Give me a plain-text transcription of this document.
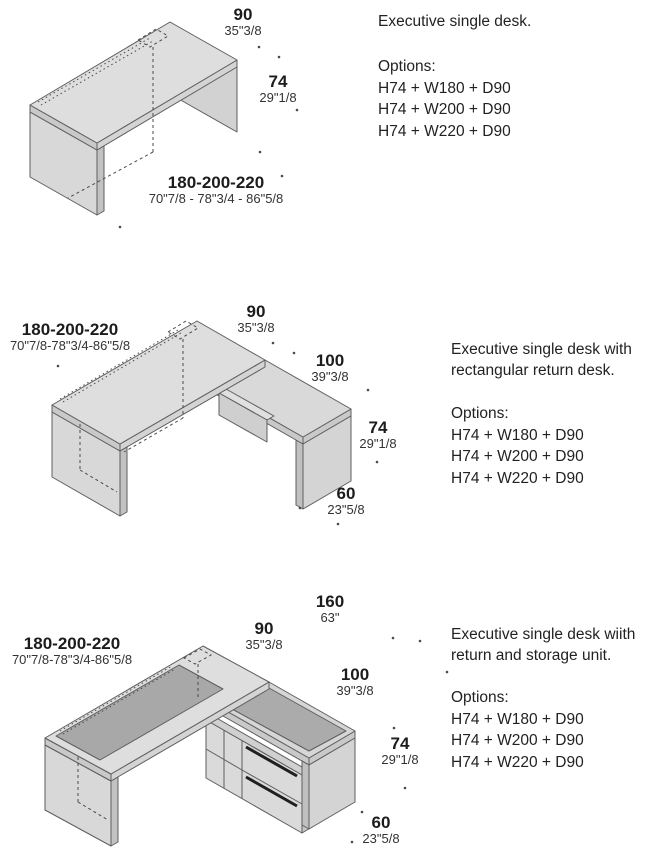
90
35"3/8
74
29"1/8
180-200-220
70"7/8 - 78"3/4 - 86"5/8
Executive single desk.
Options:
H74 + W180 + D90
H74 + W200 + D90
H74 + W220 + D90
180-200-220
70"7/8-78"3/4-86"5/8
90
35"3/8
100
39"3/8
74
29"1/8
60
23"5/8
Executive single desk with
rectangular return desk.
Options:
H74 + W180 + D90
H74 + W200 + D90
H74 + W220 + D90
160
63"
90
35"3/8
180-200-220
70"7/8-78"3/4-86"5/8
100
39"3/8
74
29"1/8
60
23"5/8
Executive single desk wiith
return and storage unit.
Options:
H74 + W180 + D90
H74 + W200 + D90
H74 + W220 + D90
